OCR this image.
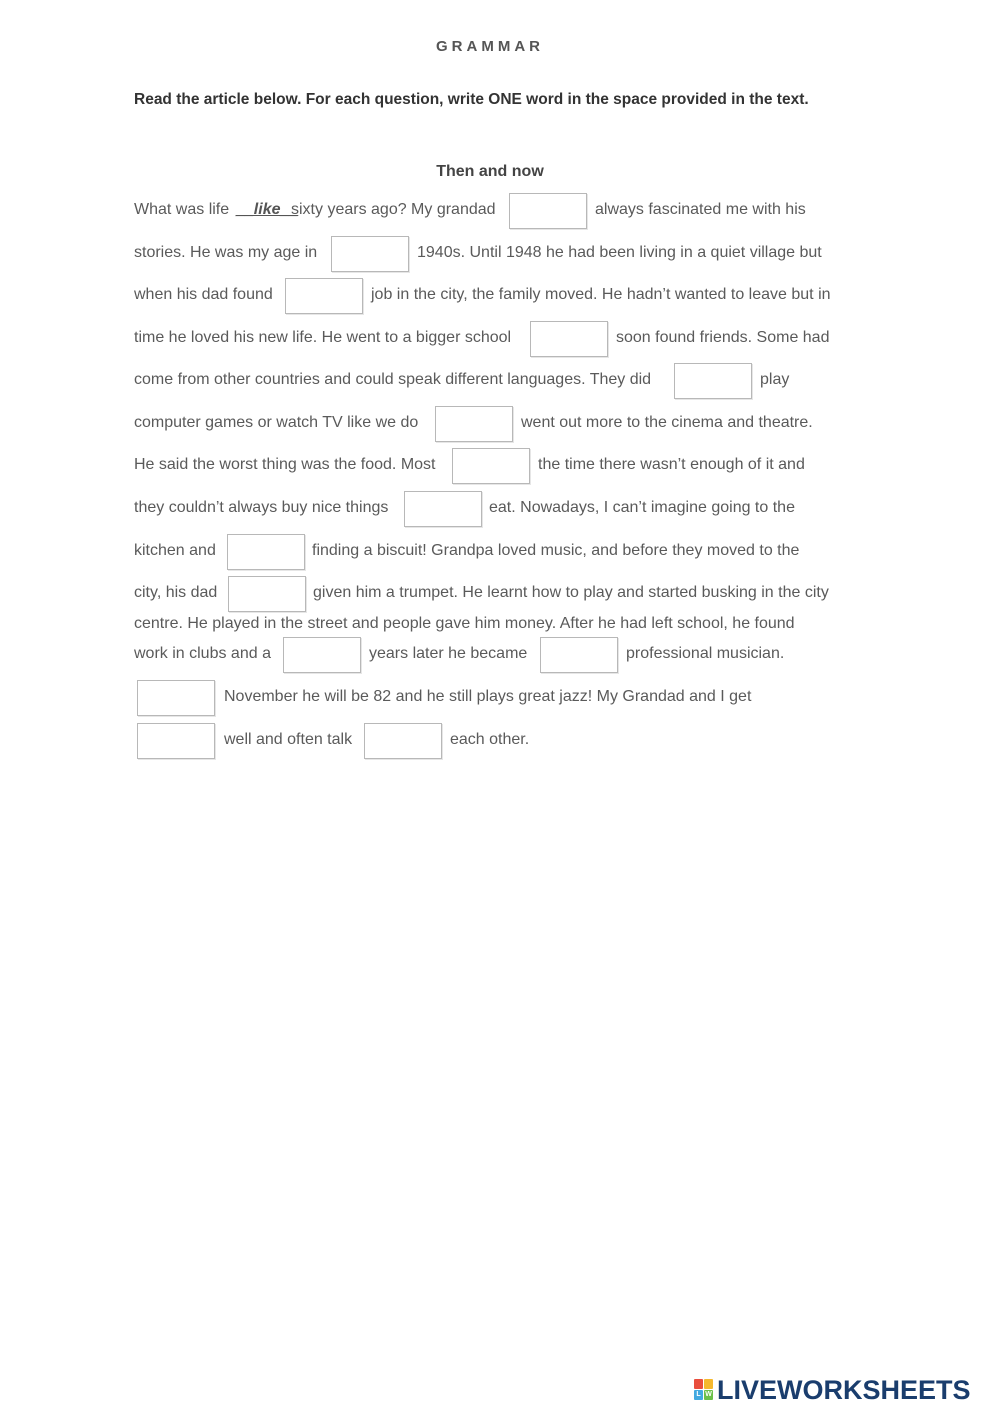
GRAMMAR
Read the article below. For each question, write ONE word in the space provided in the text.
Then and now
What was life __like__
sixty years ago? My grandad	always fascinated me with his
stories. He was my age in	1940s. Until 1948 he had been living in a quiet village but
when his dad found	job in the city, the family moved. He hadn’t wanted to leave but in
time he loved his new life. He went to a bigger school	soon found friends. Some had
come from other countries and could speak different languages. They did	play
computer games or watch TV like we do	went out more to the cinema and theatre.
He said the worst thing was the food. Most	the time there wasn’t enough of it and
they couldn’t always buy nice things	eat. Nowadays, I can’t imagine going to the
kitchen and	finding a biscuit! Grandpa loved music, and before they moved to the
city, his dad	given him a trumpet. He learnt how to play and started busking in the city
centre. He played in the street and people gave him money. After he had left school, he found
work in clubs and a	years later he became	professional musician.
November he will be 82 and he still plays great jazz! My Grandad and I get
well and often talk	each other.
L W LIVEWORKSHEETS
